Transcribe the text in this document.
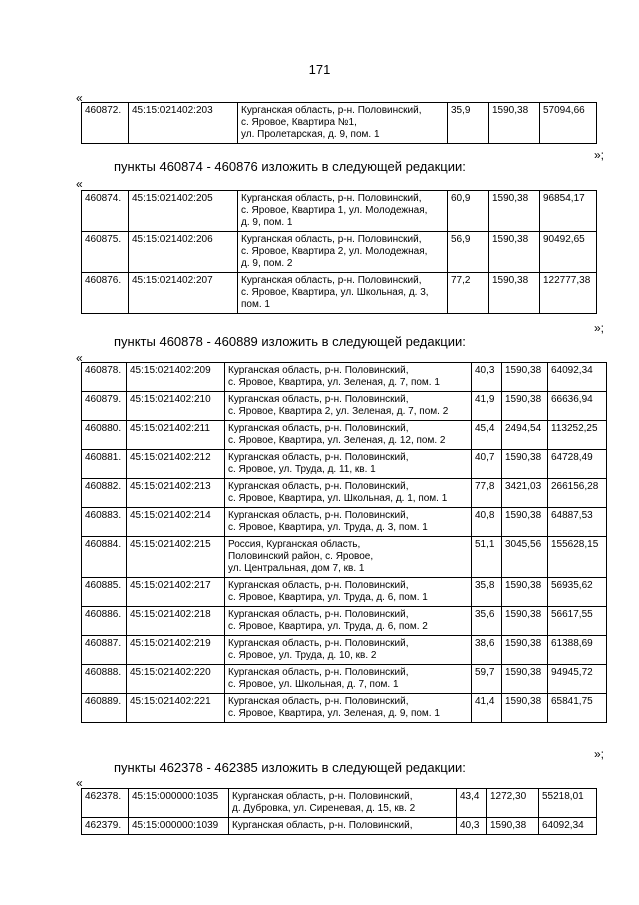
171
«
460872.	45:15:021402:203	Курганская область, р-н. Половинский,
с. Яровое, Квартира №1,
ул. Пролетарская, д. 9, пом. 1	35,9	1590,38	57094,66
»;
пункты 460874 - 460876 изложить в следующей редакции:
«
460874.	45:15:021402:205	Курганская область, р-н. Половинский,
с. Яровое, Квартира 1, ул. Молодежная,
д. 9, пом. 1	60,9	1590,38	96854,17
460875.	45:15:021402:206	Курганская область, р-н. Половинский,
с. Яровое, Квартира 2, ул. Молодежная,
д. 9, пом. 2	56,9	1590,38	90492,65
460876.	45:15:021402:207	Курганская область, р-н. Половинский,
с. Яровое, Квартира, ул. Школьная, д. 3,
пом. 1	77,2	1590,38	122777,38
»;
пункты 460878 - 460889 изложить в следующей редакции:
«
460878.	45:15:021402:209	Курганская область, р-н. Половинский,
с. Яровое, Квартира, ул. Зеленая, д. 7, пом. 1	40,3	1590,38	64092,34
460879.	45:15:021402:210	Курганская область, р-н. Половинский,
с. Яровое, Квартира 2, ул. Зеленая, д. 7, пом. 2	41,9	1590,38	66636,94
460880.	45:15:021402:211	Курганская область, р-н. Половинский,
с. Яровое, Квартира, ул. Зеленая, д. 12, пом. 2	45,4	2494,54	113252,25
460881.	45:15:021402:212	Курганская область, р-н. Половинский,
с. Яровое, ул. Труда, д. 11, кв. 1	40,7	1590,38	64728,49
460882.	45:15:021402:213	Курганская область, р-н. Половинский,
с. Яровое, Квартира, ул. Школьная, д. 1, пом. 1	77,8	3421,03	266156,28
460883.	45:15:021402:214	Курганская область, р-н. Половинский,
с. Яровое, Квартира, ул. Труда, д. 3, пом. 1	40,8	1590,38	64887,53
460884.	45:15:021402:215	Россия, Курганская область,
Половинский район, с. Яровое,
ул. Центральная, дом 7, кв. 1	51,1	3045,56	155628,15
460885.	45:15:021402:217	Курганская область, р-н. Половинский,
с. Яровое, Квартира, ул. Труда, д. 6, пом. 1	35,8	1590,38	56935,62
460886.	45:15:021402:218	Курганская область, р-н. Половинский,
с. Яровое, Квартира, ул. Труда, д. 6, пом. 2	35,6	1590,38	56617,55
460887.	45:15:021402:219	Курганская область, р-н. Половинский,
с. Яровое, ул. Труда, д. 10, кв. 2	38,6	1590,38	61388,69
460888.	45:15:021402:220	Курганская область, р-н. Половинский,
с. Яровое, ул. Школьная, д. 7, пом. 1	59,7	1590,38	94945,72
460889.	45:15:021402:221	Курганская область, р-н. Половинский,
с. Яровое, Квартира, ул. Зеленая, д. 9, пом. 1	41,4	1590,38	65841,75
»;
пункты 462378 - 462385 изложить в следующей редакции:
«
462378.	45:15:000000:1035	Курганская область, р-н. Половинский,
д. Дубровка, ул. Сиреневая, д. 15, кв. 2	43,4	1272,30	55218,01
462379.	45:15:000000:1039	Курганская область, р-н. Половинский,	40,3	1590,38	64092,34
